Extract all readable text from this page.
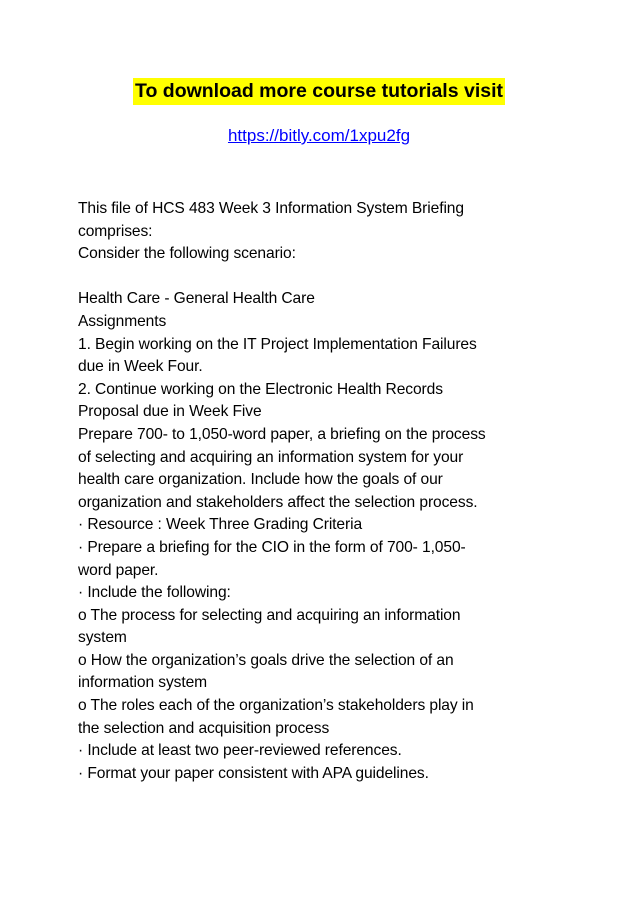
To download more course tutorials visit
https://bitly.com/1xpu2fg
This file of HCS 483 Week 3 Information System Briefing
comprises:
Consider the following scenario:
Health Care - General Health Care
Assignments
1. Begin working on the IT Project Implementation Failures
due in Week Four.
2. Continue working on the Electronic Health Records
Proposal due in Week Five
Prepare 700- to 1,050-word paper, a briefing on the process
of selecting and acquiring an information system for your
health care organization. Include how the goals of our
organization and stakeholders affect the selection process.
· Resource : Week Three Grading Criteria
· Prepare a briefing for the CIO in the form of 700- 1,050-
word paper.
· Include the following:
o The process for selecting and acquiring an information
system
o How the organization’s goals drive the selection of an
information system
o The roles each of the organization’s stakeholders play in
the selection and acquisition process
· Include at least two peer-reviewed references.
· Format your paper consistent with APA guidelines.
